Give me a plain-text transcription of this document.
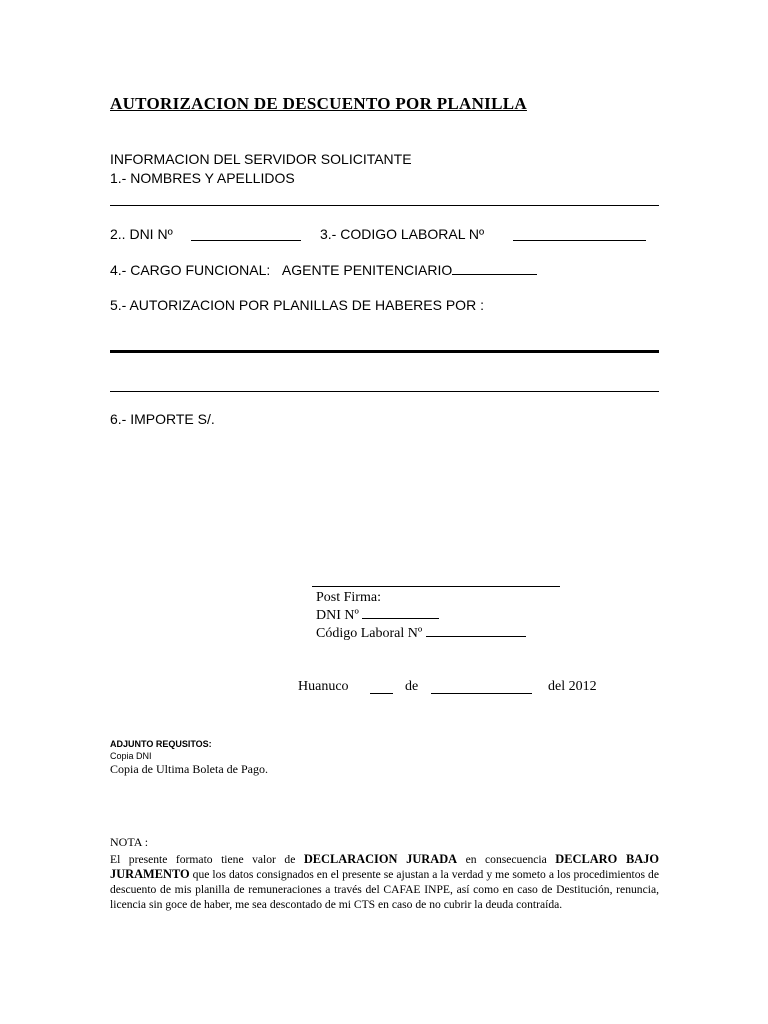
AUTORIZACION DE DESCUENTO POR PLANILLA
INFORMACION DEL SERVIDOR SOLICITANTE
1.- NOMBRES Y APELLIDOS
2.. DNI Nº	3.- CODIGO LABORAL Nº
4.- CARGO FUNCIONAL: AGENTE PENITENCIARIO
5.- AUTORIZACION POR PLANILLAS DE HABERES POR :
6.- IMPORTE S/.
Post Firma:
DNI Nº
Código Laboral Nº
Huanuco	de	del 2012
ADJUNTO REQUSITOS:
Copia DNI
Copia de Ultima Boleta de Pago.
NOTA :
El presente formato tiene valor de DECLARACION JURADA en consecuencia DECLARO BAJO JURAMENTO que los datos consignados en el presente se ajustan a la verdad y me someto a los procedimientos de descuento de mis planilla de remuneraciones a través del CAFAE INPE, así como en caso de Destitución, renuncia, licencia sin goce de haber, me sea descontado de mi CTS en caso de no cubrir la deuda contraída.
